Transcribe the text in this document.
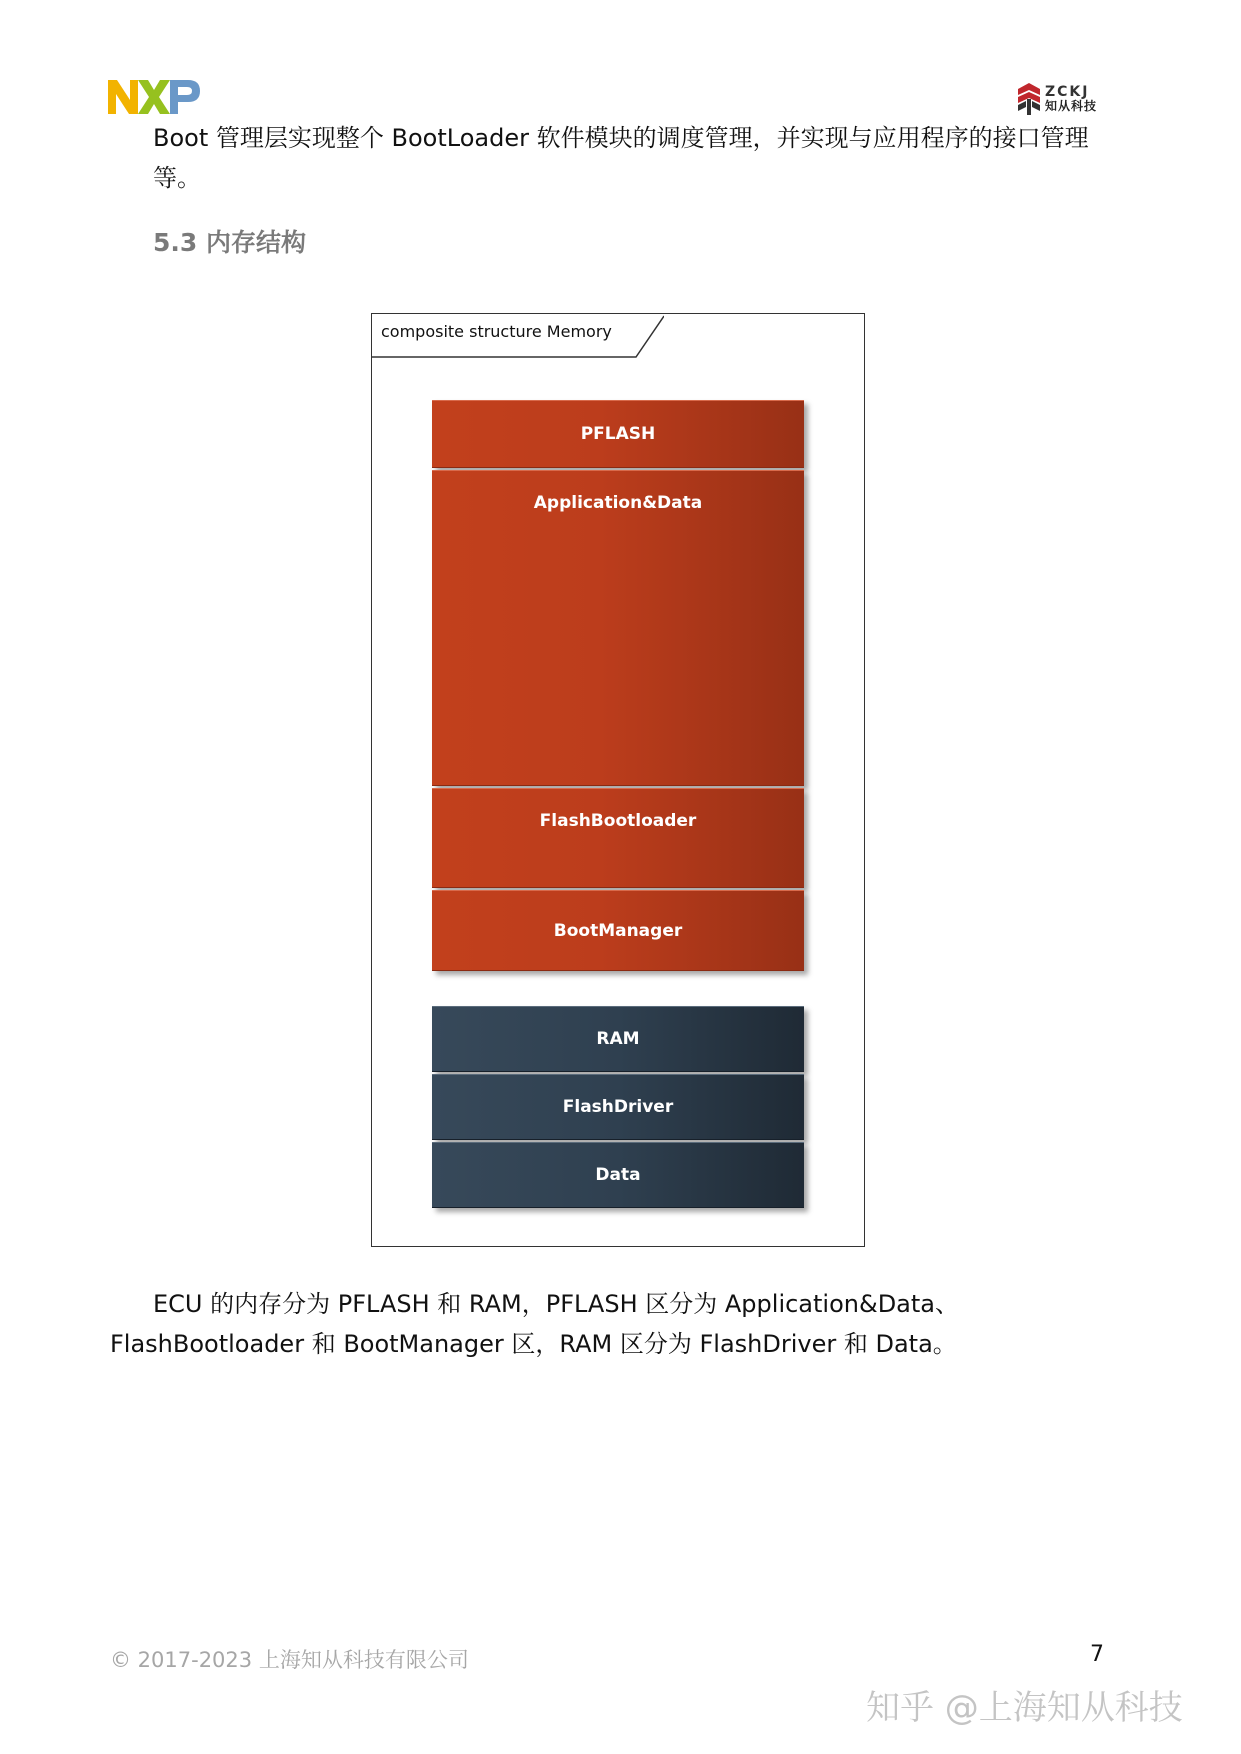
ZCKJ
知从科技

Boot 管理层实现整个 BootLoader 软件模块的调度管理，并实现与应用程序的接口管理等。

5.3 内存结构
composite structure Memory
PFLASH
Application&Data
FlashBootloader
BootManager
RAM
FlashDriver
Data

ECU 的内存分为 PFLASH 和 RAM，PFLASH 区分为 Application&Data、FlashBootloader 和 BootManager 区，RAM 区分为 FlashDriver 和 Data。

© 2017-2023 上海知从科技有限公司	7
知乎 @上海知从科技
